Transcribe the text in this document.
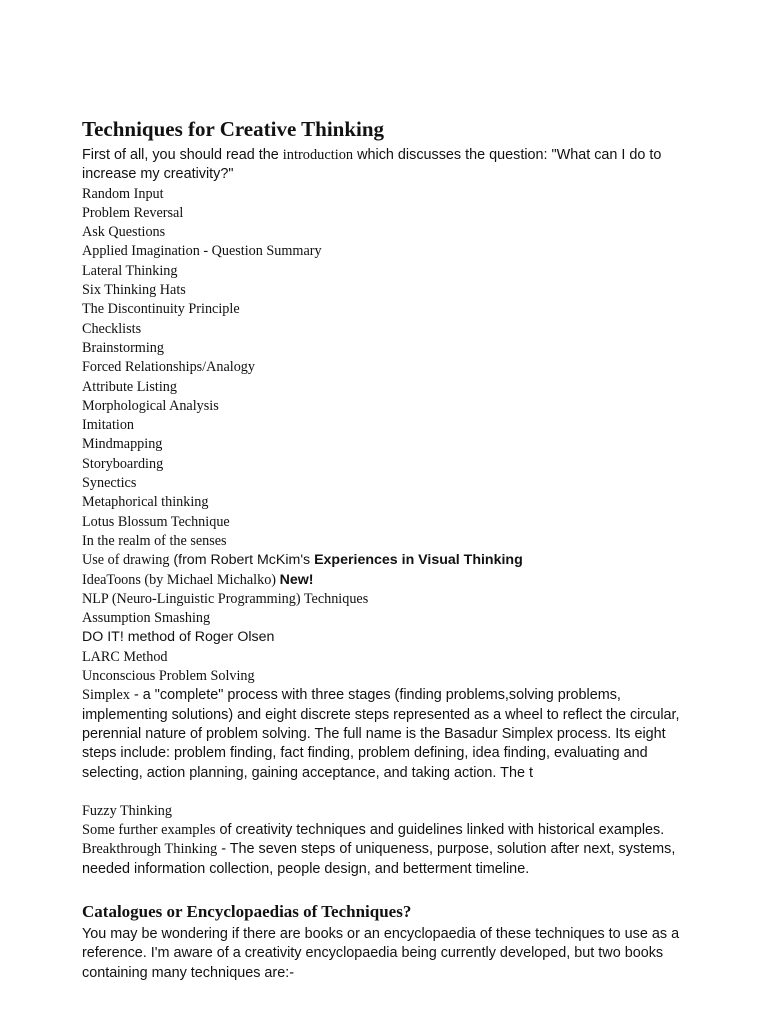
Techniques for Creative Thinking

First of all, you should read the introduction which discusses the question: "What can I do to increase my creativity?"

Random Input
Problem Reversal
Ask Questions
Applied Imagination - Question Summary
Lateral Thinking
Six Thinking Hats
The Discontinuity Principle
Checklists
Brainstorming
Forced Relationships/Analogy
Attribute Listing
Morphological Analysis
Imitation
Mindmapping
Storyboarding
Synectics
Metaphorical thinking
Lotus Blossum Technique
In the realm of the senses
Use of drawing (from Robert McKim's Experiences in Visual Thinking
IdeaToons (by Michael Michalko) New!
NLP (Neuro-Linguistic Programming) Techniques
Assumption Smashing
DO IT! method of Roger Olsen
LARC Method
Unconscious Problem Solving

Simplex - a "complete" process with three stages (finding problems,solving problems, implementing solutions) and eight discrete steps represented as a wheel to reflect the circular, perennial nature of problem solving. The full name is the Basadur Simplex process. Its eight steps include: problem finding, fact finding, problem defining, idea finding, evaluating and selecting, action planning, gaining acceptance, and taking action. The t

Fuzzy Thinking

Some further examples of creativity techniques and guidelines linked with historical examples.

Breakthrough Thinking - The seven steps of uniqueness, purpose, solution after next, systems, needed information collection, people design, and betterment timeline.

Catalogues or Encyclopaedias of Techniques?

You may be wondering if there are books or an encyclopaedia of these techniques to use as a reference. I'm aware of a creativity encyclopaedia being currently developed, but two books containing many techniques are:-
